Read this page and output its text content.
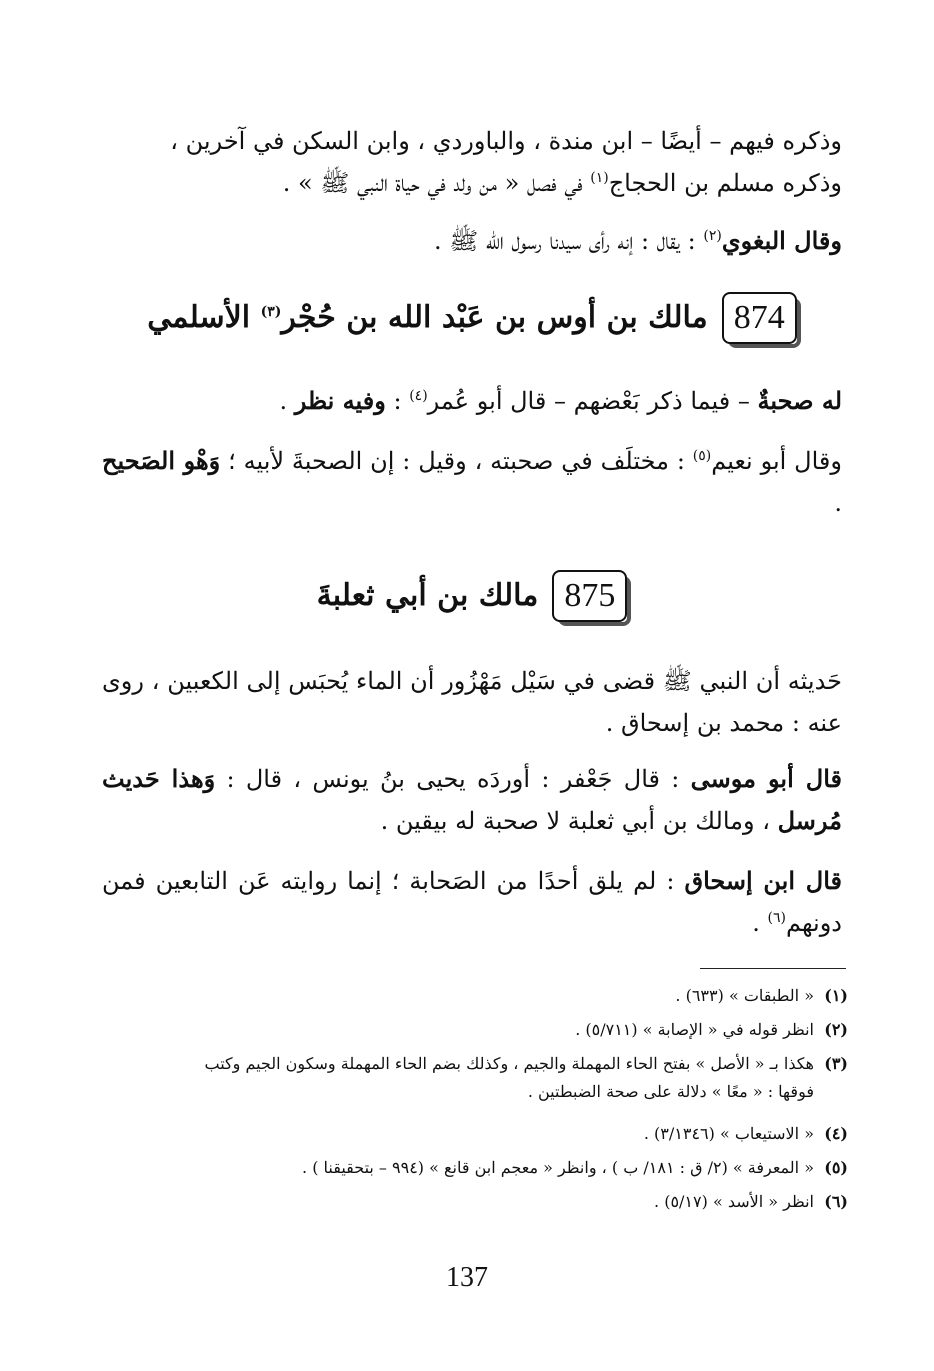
وذكره فيهم – أيضًا – ابن مندة ، والباوردي ، وابن السكن في آخرين ،
وذكره مسلم بن الحجاج$^{(١)}$ في فصل « من ولد في حياة النبي ﷺ » .
وقال البغوي$^{(٢)}$ : يقال : إنه رأى سيدنا رسول الله ﷺ .
874
مالك بن أوس بن عَبْد الله بن حُجْر$^{(٣)}$ الأسلمي
له صحبةٌ – فيما ذكر بَعْضهم – قال أبو عُمر$^{(٤)}$ : وفيه نظر .
وقال أبو نعيم$^{(٥)}$ : مختلَف في صحبته ، وقيل : إن الصحبةَ لأبيه ؛ وَهْو الصَحيح .
875
مالك بن أبي ثعلبةَ
حَديثه أن النبي ﷺ قضى في سَيْل مَهْزُور أن الماء يُحبَس إلى الكعبين ، روى عنه : محمد بن إسحاق .
قال أبو موسى : قال جَعْفر : أوردَه يحيى بنُ يونس ، قال : وَهذا حَديث مُرسل ، ومالك بن أبي ثعلبة لا صحبة له بيقين .
قال ابن إسحاق : لم يلق أحدًا من الصَحابة ؛ إنما روايته عَن التابعين فمن دونهم$^{(٦)}$ .
(١)« الطبقات » (٦٣٣) .
(٢)انظر قوله في « الإصابة » (٥/٧١١) .
(٣)هكذا بـ « الأصل » بفتح الحاء المهملة والجيم ، وكذلك بضم الحاء المهملة وسكون الجيم وكتب
فوقها : « معًا » دلالة على صحة الضبطتين .
(٤)« الاستيعاب » (٣/١٣٤٦) .
(٥)« المعرفة » (٢/ ق : ١٨١/ ب ) ، وانظر « معجم ابن قانع » (٩٩٤ – بتحقيقنا ) .
(٦)انظر « الأسد » (٥/١٧) .
137
